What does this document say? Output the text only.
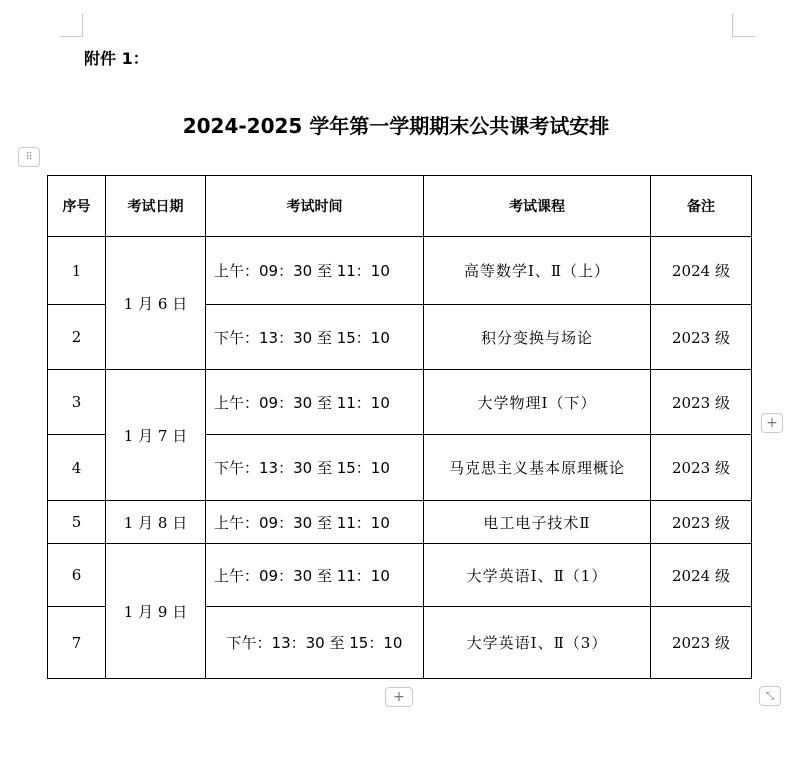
附件 1：
2024-2025 学年第一学期期末公共课考试安排
⠿
+
+	⤡
序号	考试日期	考试时间	考试课程	备注
1	1 月 6 日	上午：09：30 至 11：10	高等数学Ⅰ、Ⅱ（上）	2024 级
2		下午：13：30 至 15：10	积分变换与场论	2023 级
3	1 月 7 日	上午：09：30 至 11：10	大学物理Ⅰ（下）	2023 级
4		下午：13：30 至 15：10	马克思主义基本原理概论	2023 级
5	1 月 8 日	上午：09：30 至 11：10	电工电子技术Ⅱ	2023 级
6	1 月 9 日	上午：09：30 至 11：10	大学英语Ⅰ、Ⅱ（1）	2024 级
7		下午：13：30 至 15：10	大学英语Ⅰ、Ⅱ（3）	2023 级
